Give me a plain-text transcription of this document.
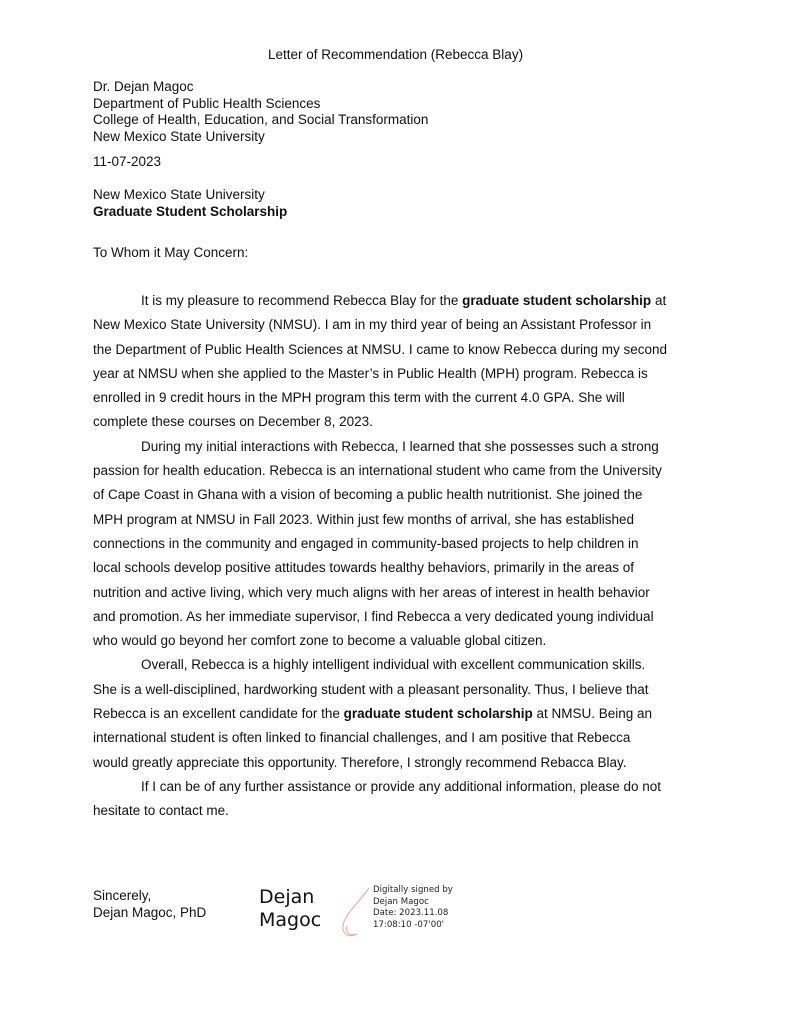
Letter of Recommendation (Rebecca Blay)
Dr. Dejan Magoc
Department of Public Health Sciences
College of Health, Education, and Social Transformation
New Mexico State University
11-07-2023
New Mexico State University
Graduate Student Scholarship
To Whom it May Concern:

It is my pleasure to recommend Rebecca Blay for the graduate student scholarship at New Mexico State University (NMSU). I am in my third year of being an Assistant Professor in the Department of Public Health Sciences at NMSU. I came to know Rebecca during my second year at NMSU when she applied to the Master’s in Public Health (MPH) program. Rebecca is enrolled in 9 credit hours in the MPH program this term with the current 4.0 GPA. She will complete these courses on December 8, 2023.

During my initial interactions with Rebecca, I learned that she possesses such a strong passion for health education. Rebecca is an international student who came from the University of Cape Coast in Ghana with a vision of becoming a public health nutritionist. She joined the MPH program at NMSU in Fall 2023. Within just few months of arrival, she has established connections in the community and engaged in community-based projects to help children in local schools develop positive attitudes towards healthy behaviors, primarily in the areas of nutrition and active living, which very much aligns with her areas of interest in health behavior and promotion. As her immediate supervisor, I find Rebecca a very dedicated young individual who would go beyond her comfort zone to become a valuable global citizen.

Overall, Rebecca is a highly intelligent individual with excellent communication skills. She is a well-disciplined, hardworking student with a pleasant personality. Thus, I believe that Rebecca is an excellent candidate for the graduate student scholarship at NMSU. Being an international student is often linked to financial challenges, and I am positive that Rebecca would greatly appreciate this opportunity. Therefore, I strongly recommend Rebacca Blay.

If I can be of any further assistance or provide any additional information, please do not hesitate to contact me.

Sincerely,
Dejan Magoc, PhD
Dejan
Magoc
Digitally signed by
Dejan Magoc
Date: 2023.11.08
17:08:10 -07'00'
